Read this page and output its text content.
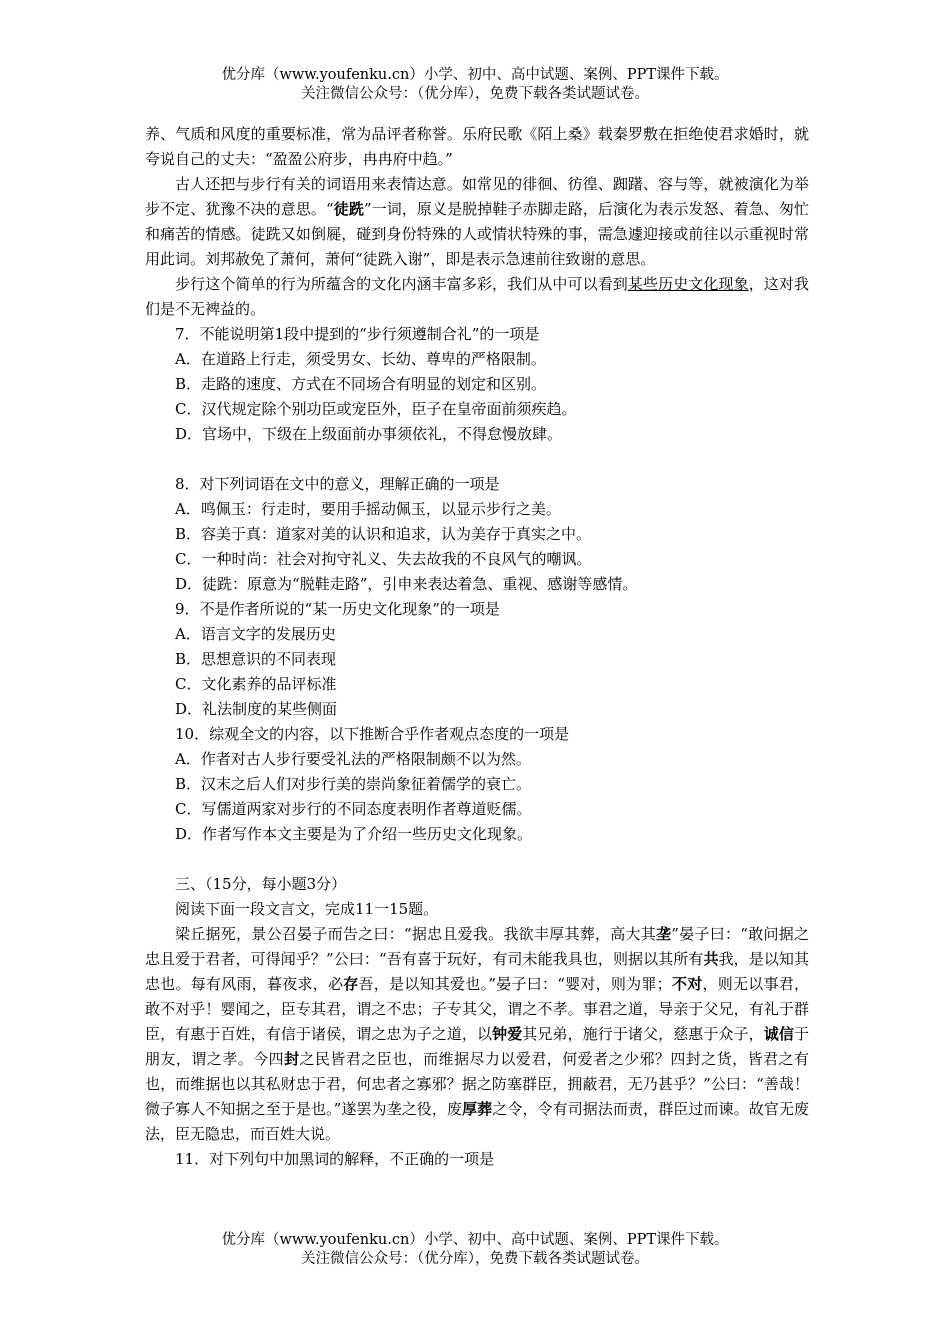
优分库（www.youfenku.cn）小学、初中、高中试题、案例、PPT课件下载。
关注微信公众号：（优分库），免费下载各类试题试卷。

养、气质和风度的重要标准，常为品评者称誉。乐府民歌《陌上桑》载秦罗敷在拒绝使君求婚时，就夸说自己的丈夫：“盈盈公府步，冉冉府中趋。”

古人还把与步行有关的词语用来表情达意。如常见的徘徊、彷徨、踟躇、容与等，就被演化为举步不定、犹豫不决的意思。“徒跣”一词，原义是脱掉鞋子赤脚走路，后演化为表示发怒、着急、匆忙和痛苦的情感。徒跣又如倒屣，碰到身份特殊的人或情状特殊的事，需急遽迎接或前往以示重视时常用此词。刘邦赦免了萧何，萧何“徒跣入谢”，即是表示急速前往致谢的意思。

步行这个简单的行为所蕴含的文化内涵丰富多彩，我们从中可以看到某些历史文化现象，这对我们是不无裨益的。

7．不能说明第1段中提到的“步行须遵制合礼”的一项是

A．在道路上行走，须受男女、长幼、尊卑的严格限制。

B．走路的速度、方式在不同场合有明显的划定和区别。

C．汉代规定除个别功臣或宠臣外，臣子在皇帝面前须疾趋。

D．官场中，下级在上级面前办事须依礼，不得怠慢放肆。

8．对下列词语在文中的意义，理解正确的一项是

A．鸣佩玉：行走时，要用手摇动佩玉，以显示步行之美。

B．容美于真：道家对美的认识和追求，认为美存于真实之中。

C．一种时尚：社会对拘守礼义、失去故我的不良风气的嘲讽。

D．徒跣：原意为“脱鞋走路”，引申来表达着急、重视、感谢等感情。

9．不是作者所说的“某一历史文化现象”的一项是

A．语言文字的发展历史

B．思想意识的不同表现

C．文化素养的品评标准

D．礼法制度的某些侧面

10．综观全文的内容，以下推断合乎作者观点态度的一项是

A．作者对古人步行要受礼法的严格限制颇不以为然。

B．汉末之后人们对步行美的崇尚象征着儒学的衰亡。

C．写儒道两家对步行的不同态度表明作者尊道贬儒。

D．作者写作本文主要是为了介绍一些历史文化现象。

三、（15分，每小题3分）

阅读下面一段文言文，完成11一15题。

梁丘据死，景公召晏子而告之曰：“据忠且爱我。我欲丰厚其葬，高大其垄”晏子曰：“敢问据之忠且爱于君者，可得闻乎？”公曰：“吾有喜于玩好，有司未能我具也，则据以其所有共我，是以知其忠也。每有风雨，暮夜求，必存吾，是以知其爱也。”晏子曰：“婴对，则为罪；不对，则无以事君，敢不对乎！婴闻之，臣专其君，谓之不忠；子专其父，谓之不孝。事君之道，导亲于父兄，有礼于群臣，有惠于百姓，有信于诸侯，谓之忠为子之道，以钟爱其兄弟，施行于诸父，慈惠于众子，诚信于朋友，谓之孝。今四封之民皆君之臣也，而维据尽力以爱君，何爱者之少邪？四封之货，皆君之有也，而维据也以其私财忠于君，何忠者之寡邪？据之防塞群臣，拥蔽君，无乃甚乎？”公曰：“善哉！微子寡人不知据之至于是也。”遂罢为垄之役，废厚葬之令，令有司据法而责，群臣过而谏。故官无废法，臣无隐忠，而百姓大说。

11．对下列句中加黑词的解释，不正确的一项是

优分库（www.youfenku.cn）小学、初中、高中试题、案例、PPT课件下载。
关注微信公众号：（优分库），免费下载各类试题试卷。
